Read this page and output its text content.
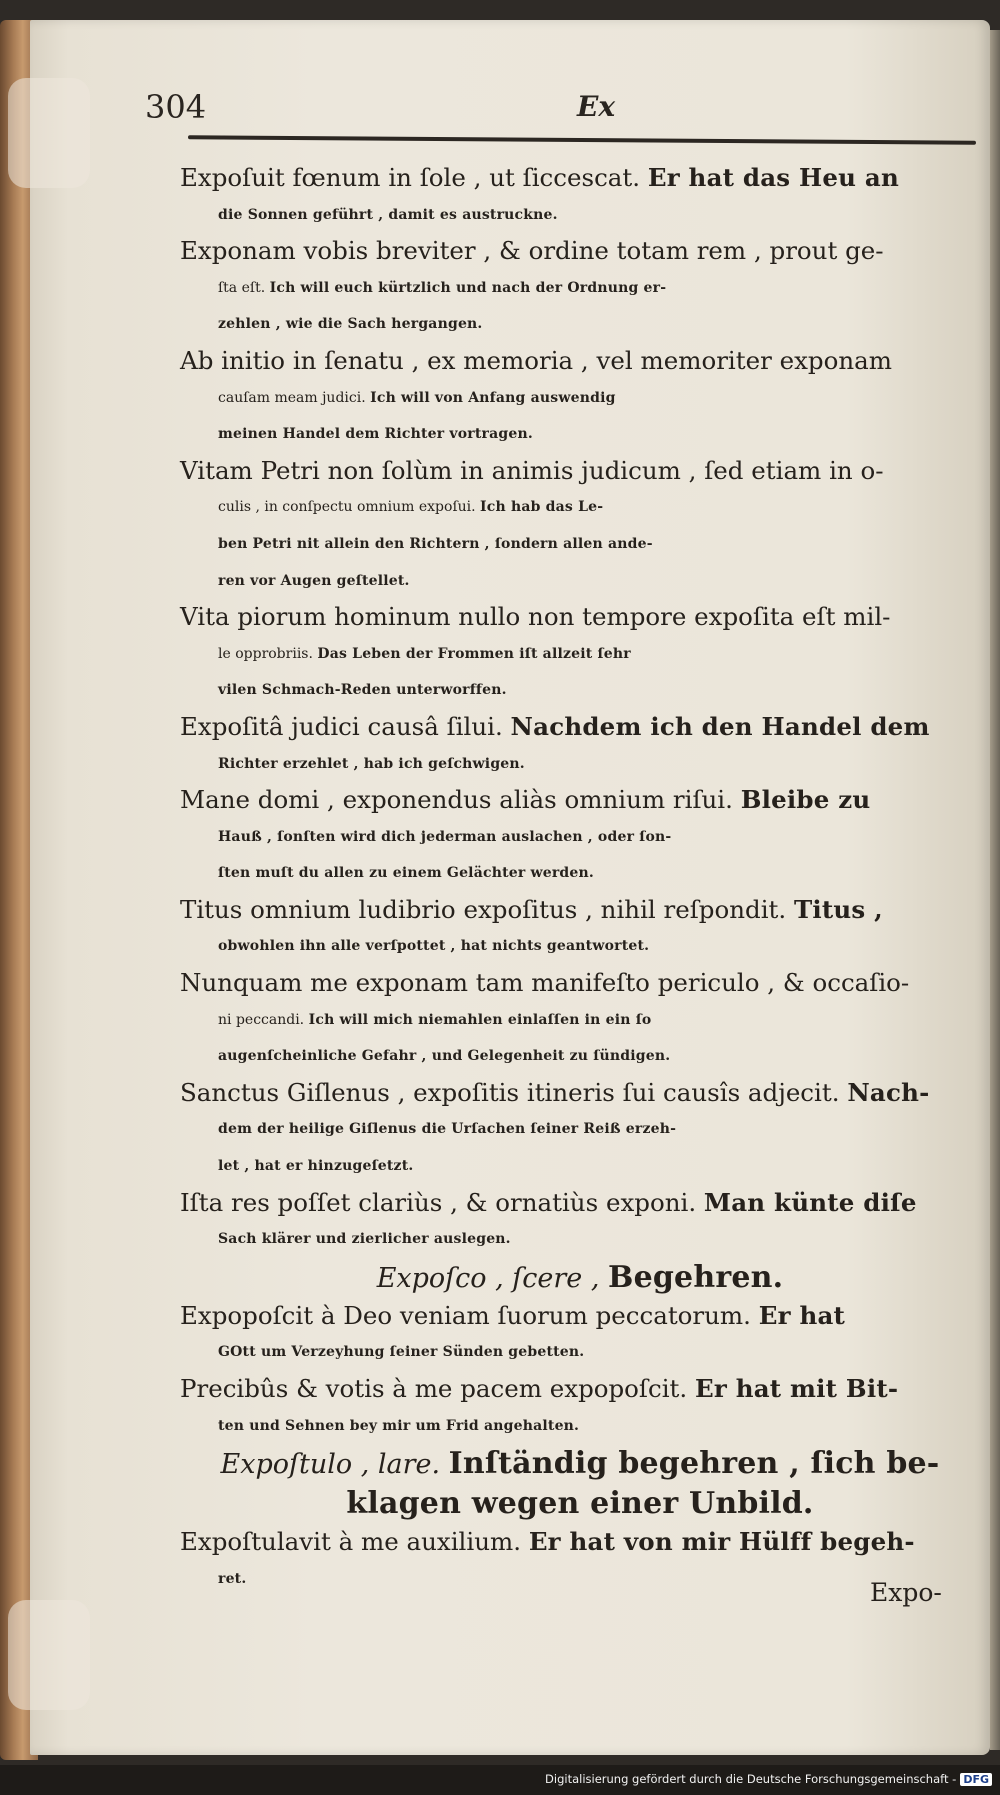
304	Ex
Expoſuit fœnum in ſole , ut ſiccescat. Er hat das Heu an
die Sonnen geführt , damit es austruckne.
Exponam vobis breviter , & ordine totam rem , prout ge-
ſta eſt. Ich will euch kürtzlich und nach der Ordnung er-
zehlen , wie die Sach hergangen.
Ab initio in ſenatu , ex memoria , vel memoriter exponam
cauſam meam judici. Ich will von Anfang auswendig
meinen Handel dem Richter vortragen.
Vitam Petri non ſolùm in animis judicum , ſed etiam in o-
culis , in conſpectu omnium expoſui. Ich hab das Le-
ben Petri nit allein den Richtern , ſondern allen ande-
ren vor Augen geſtellet.
Vita piorum hominum nullo non tempore expoſita eſt mil-
le opprobriis. Das Leben der Frommen iſt allzeit ſehr
vilen Schmach-Reden unterworffen.
Expoſitâ judici causâ ſilui. Nachdem ich den Handel dem
Richter erzehlet , hab ich geſchwigen.
Mane domi , exponendus aliàs omnium riſui. Bleibe zu
Hauß , ſonſten wird dich jederman auslachen , oder ſon-
ſten muſt du allen zu einem Gelächter werden.
Titus omnium ludibrio expoſitus , nihil reſpondit. Titus ,
obwohlen ihn alle verſpottet , hat nichts geantwortet.
Nunquam me exponam tam manifeſto periculo , & occaſio-
ni peccandi. Ich will mich niemahlen einlaſſen in ein ſo
augenſcheinliche Gefahr , und Gelegenheit zu ſündigen.
Sanctus Giſlenus , expoſitis itineris ſui causîs adjecit. Nach-
dem der heilige Giſlenus die Urſachen ſeiner Reiß erzeh-
let , hat er hinzugeſetzt.
Iſta res poſſet clariùs , & ornatiùs exponi. Man künte diſe
Sach klärer und zierlicher auslegen.
Expoſco , ſcere , Begehren.
Expopoſcit à Deo veniam ſuorum peccatorum. Er hat
GOtt um Verzeyhung ſeiner Sünden gebetten.
Precibûs & votis à me pacem expopoſcit. Er hat mit Bit-
ten und Sehnen bey mir um Frid angehalten.
Expoſtulo , lare. Inſtändig begehren , ſich be-
klagen wegen einer Unbild.
Expoſtulavit à me auxilium. Er hat von mir Hülff begeh-
ret.	Expo-
Digitalisierung gefördert durch die Deutsche Forschungsgemeinschaft - DFG
